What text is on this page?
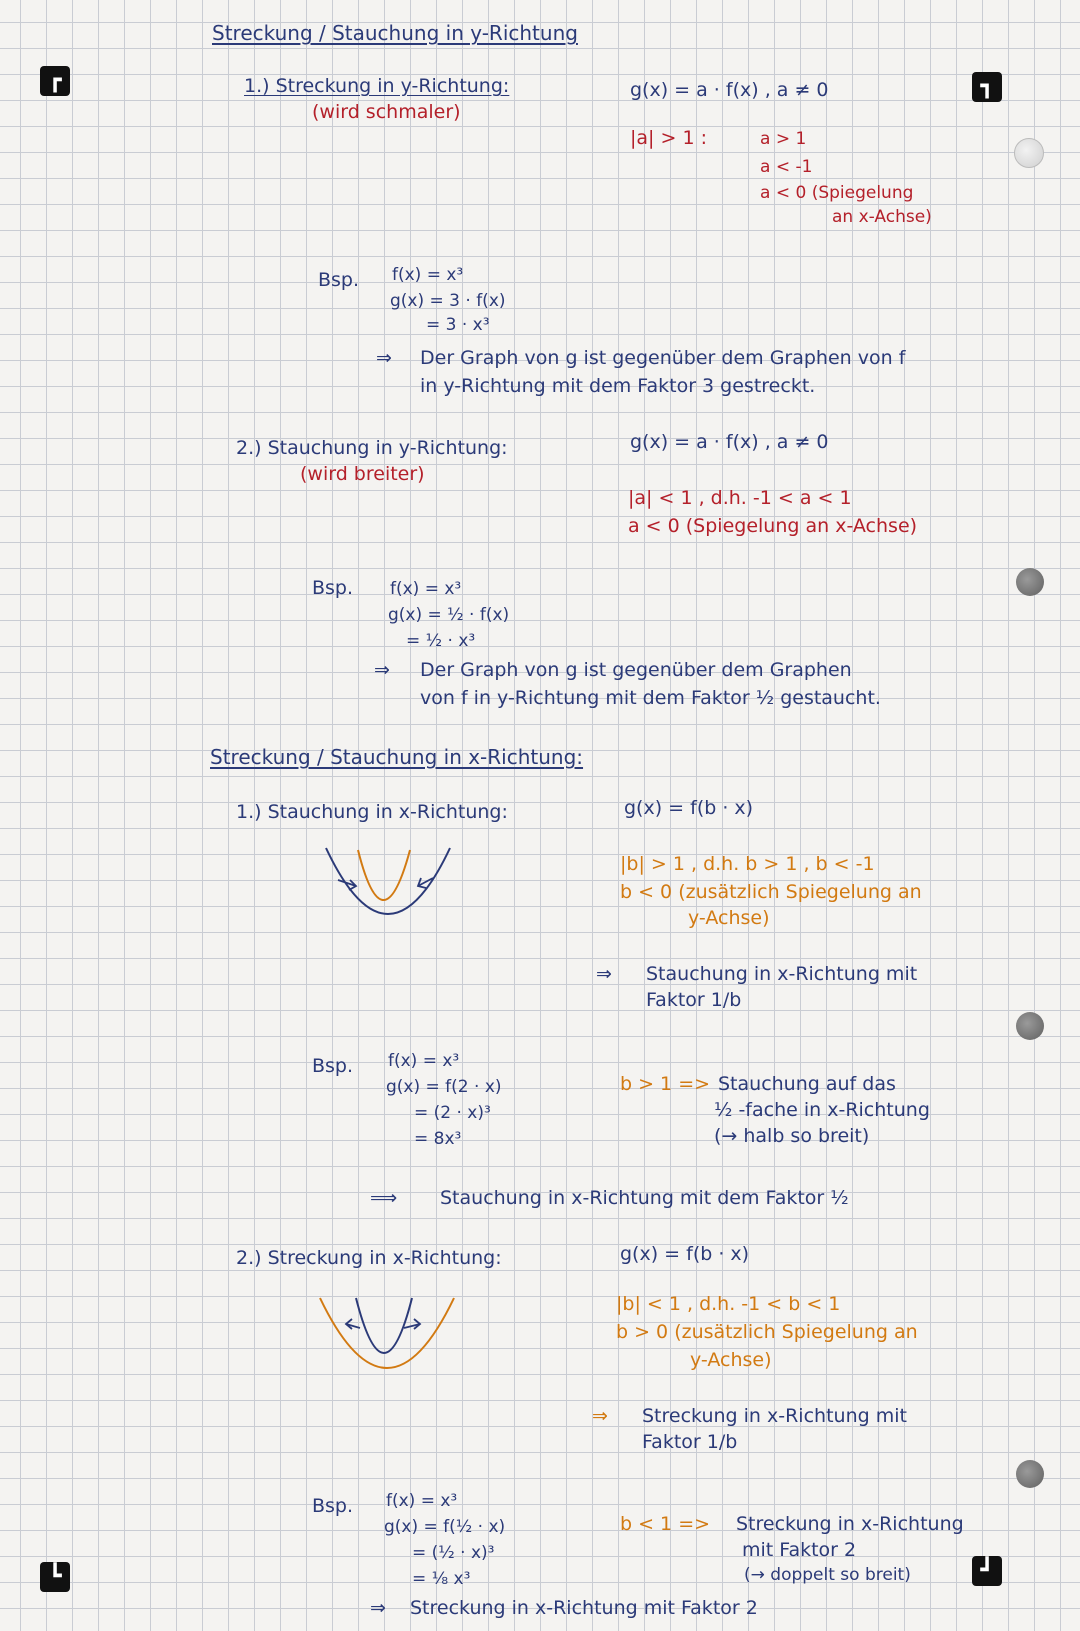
┏	┓
┗	┛
Streckung / Stauchung in y-Richtung
1.) Streckung in y-Richtung:
(wird schmaler)
g(x) = a · f(x) , a ≠ 0
|a| > 1 :	a > 1
a < -1
a < 0 (Spiegelung
an x-Achse)
Bsp. f(x) = x³
g(x) = 3 · f(x)
= 3 · x³
⇒ Der Graph von g ist gegenüber dem Graphen von f
in y-Richtung mit dem Faktor 3 gestreckt.
2.) Stauchung in y-Richtung:
(wird breiter)
g(x) = a · f(x) , a ≠ 0
|a| < 1 , d.h. -1 < a < 1
a < 0 (Spiegelung an x-Achse)
Bsp. f(x) = x³
g(x) = ½ · f(x)
= ½ · x³
⇒ Der Graph von g ist gegenüber dem Graphen
von f in y-Richtung mit dem Faktor ½ gestaucht.
Streckung / Stauchung in x-Richtung:
1.) Stauchung in x-Richtung:	g(x) = f(b · x)
|b| > 1 , d.h. b > 1 , b < -1
b < 0 (zusätzlich Spiegelung an
y-Achse)
⇒ Stauchung in x-Richtung mit
Faktor 1/b
Bsp. f(x) = x³
g(x) = f(2 · x)
= (2 · x)³
= 8x³
b > 1 => Stauchung auf das
½ -fache in x-Richtung
(→ halb so breit)
⟹ Stauchung in x-Richtung mit dem Faktor ½
2.) Streckung in x-Richtung:	g(x) = f(b · x)
|b| < 1 , d.h. -1 < b < 1
b > 0 (zusätzlich Spiegelung an
y-Achse)
⇒ Streckung in x-Richtung mit
Faktor 1/b
Bsp. f(x) = x³
g(x) = f(½ · x)
= (½ · x)³
= ⅛ x³
b < 1 => Streckung in x-Richtung
mit Faktor 2
(→ doppelt so breit)
⇒ Streckung in x-Richtung mit Faktor 2
